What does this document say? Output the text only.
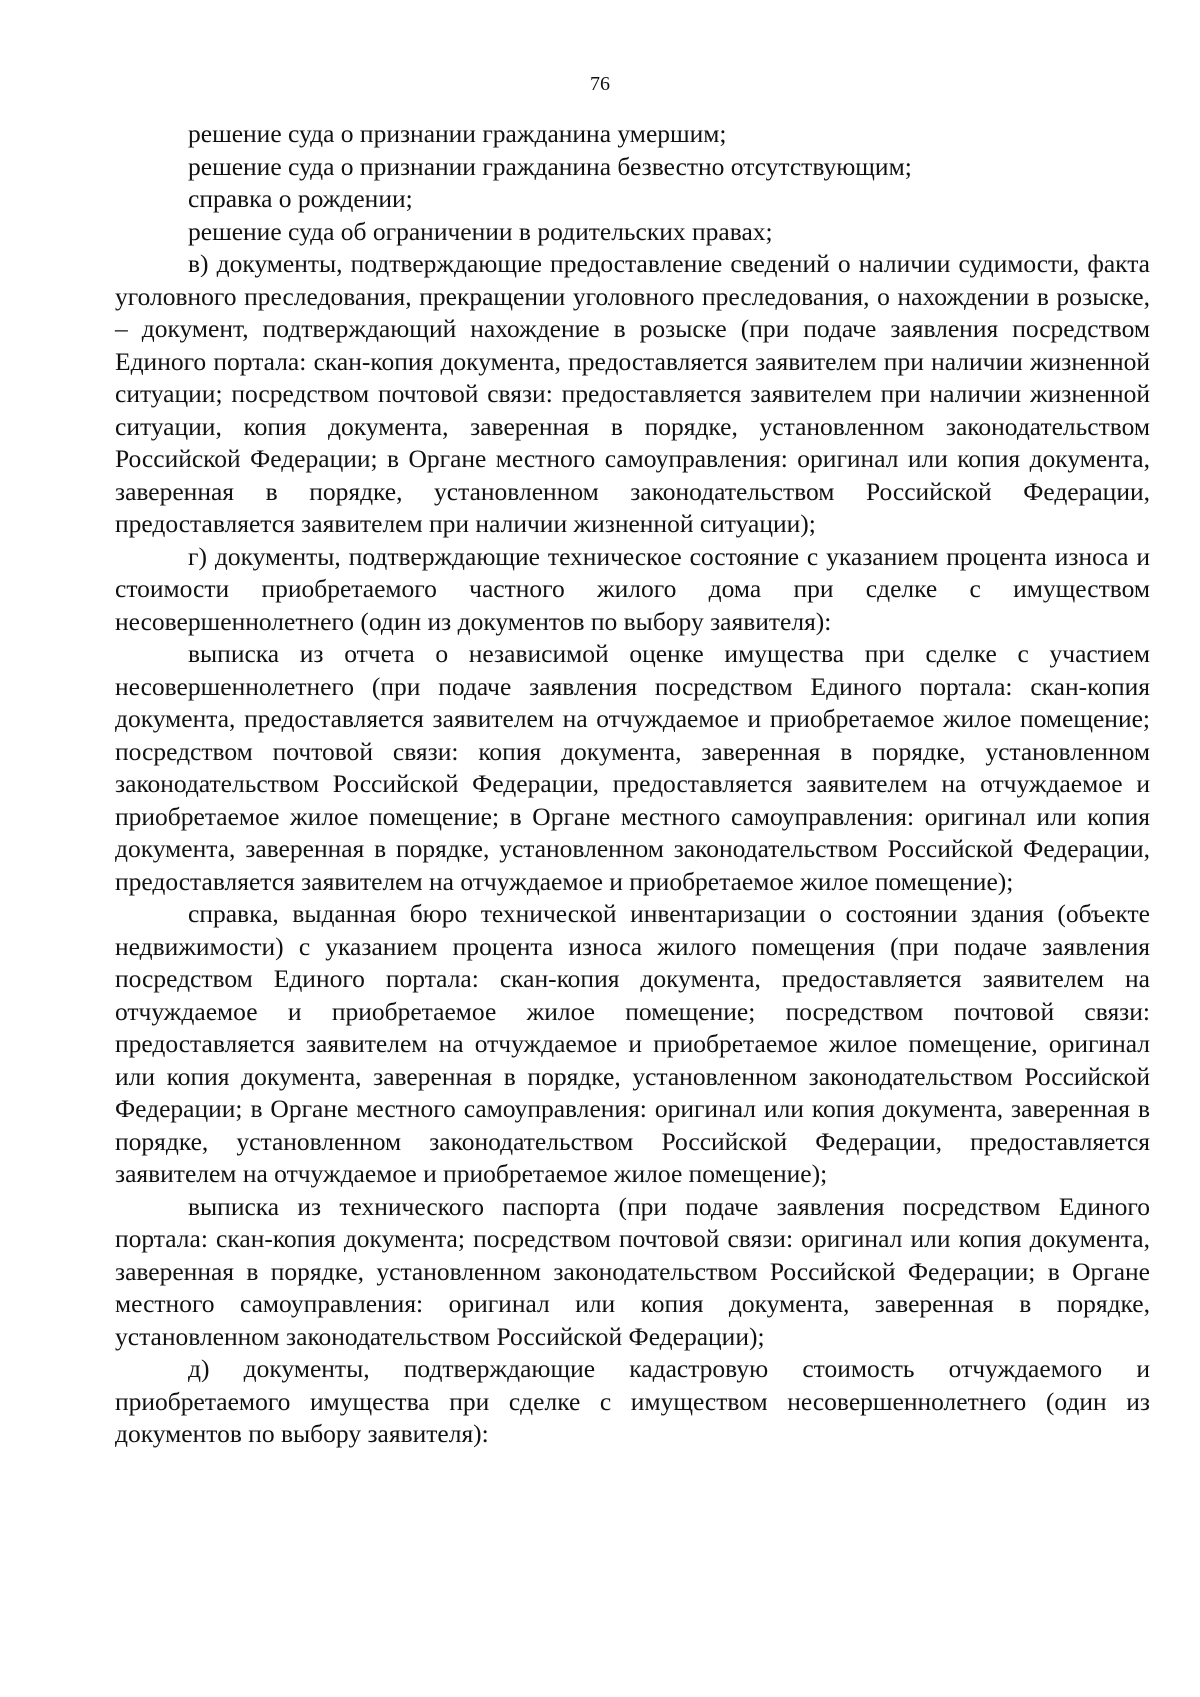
76

решение суда о признании гражданина умершим;

решение суда о признании гражданина безвестно отсутствующим;

справка о рождении;

решение суда об ограничении в родительских правах;

в) документы, подтверждающие предоставление сведений о наличии судимости, факта уголовного преследования, прекращении уголовного преследования, о нахождении в розыске, – документ, подтверждающий нахождение в розыске (при подаче заявления посредством Единого портала: скан-копия документа, предоставляется заявителем при наличии жизненной ситуации; посредством почтовой связи: предоставляется заявителем при наличии жизненной ситуации, копия документа, заверенная в порядке, установленном законодательством Российской Федерации; в Органе местного самоуправления: оригинал или копия документа, заверенная в порядке, установленном законодательством Российской Федерации, предоставляется заявителем при наличии жизненной ситуации);

г) документы, подтверждающие техническое состояние с указанием процента износа и стоимости приобретаемого частного жилого дома при сделке с имуществом несовершеннолетнего (один из документов по выбору заявителя):

выписка из отчета о независимой оценке имущества при сделке с участием несовершеннолетнего (при подаче заявления посредством Единого портала: скан-копия документа, предоставляется заявителем на отчуждаемое и приобретаемое жилое помещение; посредством почтовой связи: копия документа, заверенная в порядке, установленном законодательством Российской Федерации, предоставляется заявителем на отчуждаемое и приобретаемое жилое помещение; в Органе местного самоуправления: оригинал или копия документа, заверенная в порядке, установленном законодательством Российской Федерации, предоставляется заявителем на отчуждаемое и приобретаемое жилое помещение);

справка, выданная бюро технической инвентаризации о состоянии здания (объекте недвижимости) с указанием процента износа жилого помещения (при подаче заявления посредством Единого портала: скан-копия документа, предоставляется заявителем на отчуждаемое и приобретаемое жилое помещение; посредством почтовой связи: предоставляется заявителем на отчуждаемое и приобретаемое жилое помещение, оригинал или копия документа, заверенная в порядке, установленном законодательством Российской Федерации; в Органе местного самоуправления: оригинал или копия документа, заверенная в порядке, установленном законодательством Российской Федерации, предоставляется заявителем на отчуждаемое и приобретаемое жилое помещение);

выписка из технического паспорта (при подаче заявления посредством Единого портала: скан-копия документа; посредством почтовой связи: оригинал или копия документа, заверенная в порядке, установленном законодательством Российской Федерации; в Органе местного самоуправления: оригинал или копия документа, заверенная в порядке, установленном законодательством Российской Федерации);

д) документы, подтверждающие кадастровую стоимость отчуждаемого и приобретаемого имущества при сделке с имуществом несовершеннолетнего (один из документов по выбору заявителя):
